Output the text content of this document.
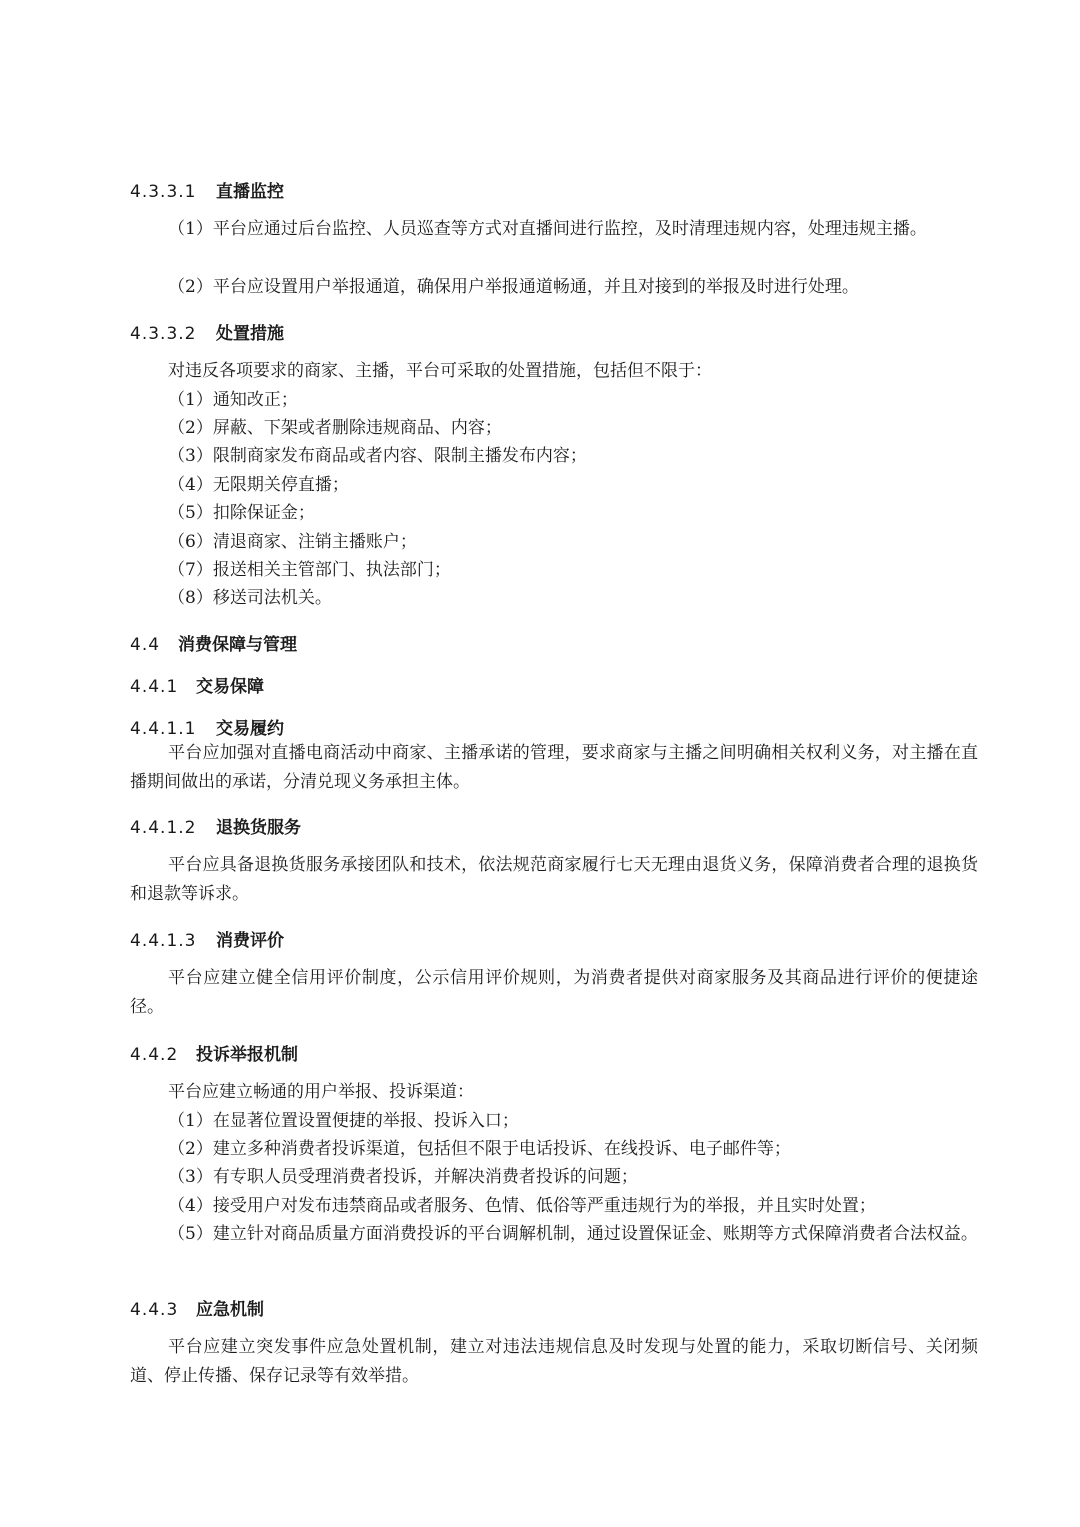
4.3.3.1 直播监控
（1）平台应通过后台监控、人员巡查等方式对直播间进行监控，及时清理违规内容，处理违规主播。
（2）平台应设置用户举报通道，确保用户举报通道畅通，并且对接到的举报及时进行处理。
4.3.3.2 处置措施
对违反各项要求的商家、主播，平台可采取的处置措施，包括但不限于：
（1）通知改正；
（2）屏蔽、下架或者删除违规商品、内容；
（3）限制商家发布商品或者内容、限制主播发布内容；
（4）无限期关停直播；
（5）扣除保证金；
（6）清退商家、注销主播账户；
（7）报送相关主管部门、执法部门；
（8）移送司法机关。
4.4 消费保障与管理
4.4.1 交易保障
4.4.1.1 交易履约
平台应加强对直播电商活动中商家、主播承诺的管理，要求商家与主播之间明确相关权利义务，对主播在直播期间做出的承诺，分清兑现义务承担主体。
4.4.1.2 退换货服务
平台应具备退换货服务承接团队和技术，依法规范商家履行七天无理由退货义务，保障消费者合理的退换货和退款等诉求。
4.4.1.3 消费评价
平台应建立健全信用评价制度，公示信用评价规则，为消费者提供对商家服务及其商品进行评价的便捷途径。
4.4.2 投诉举报机制
平台应建立畅通的用户举报、投诉渠道：
（1）在显著位置设置便捷的举报、投诉入口；
（2）建立多种消费者投诉渠道，包括但不限于电话投诉、在线投诉、电子邮件等；
（3）有专职人员受理消费者投诉，并解决消费者投诉的问题；
（4）接受用户对发布违禁商品或者服务、色情、低俗等严重违规行为的举报，并且实时处置；
（5）建立针对商品质量方面消费投诉的平台调解机制，通过设置保证金、账期等方式保障消费者合法权益。
4.4.3 应急机制
平台应建立突发事件应急处置机制，建立对违法违规信息及时发现与处置的能力，采取切断信号、关闭频道、停止传播、保存记录等有效举措。
